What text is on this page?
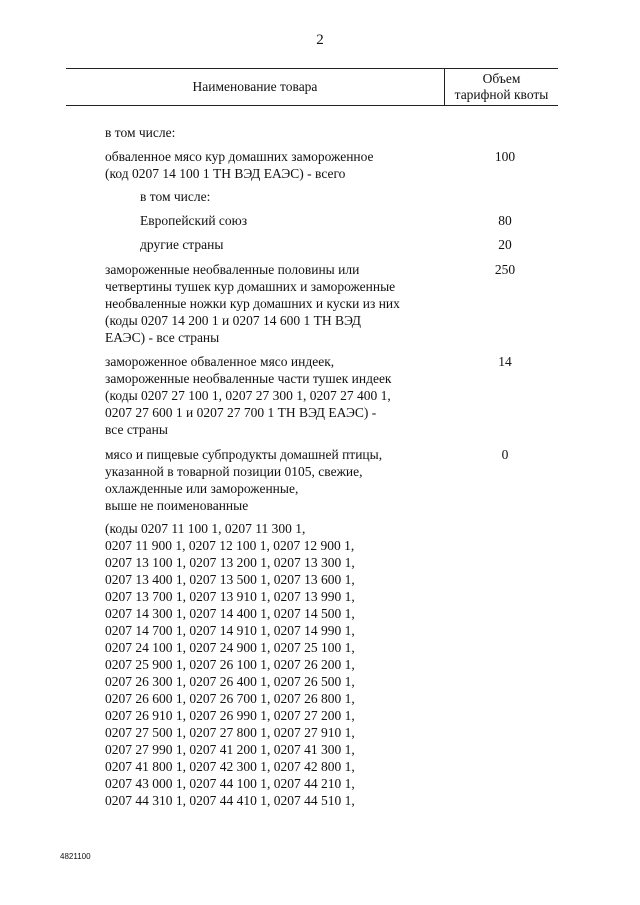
2
Наименование товара
Объем
тарифной квоты
в том числе:
обваленное мясо кур домашних замороженное
(код 0207 14 100 1 ТН ВЭД ЕАЭС) - всего
100
в том числе:
Европейский союз	80
другие страны	20
замороженные необваленные половины или
четвертины тушек кур домашних и замороженные
необваленные ножки кур домашних и куски из них
(коды 0207 14 200 1 и 0207 14 600 1 ТН ВЭД
ЕАЭС) - все страны
250
замороженное обваленное мясо индеек,
замороженные необваленные части тушек индеек
(коды 0207 27 100 1, 0207 27 300 1, 0207 27 400 1,
0207 27 600 1 и 0207 27 700 1 ТН ВЭД ЕАЭС) -
все страны
14
мясо и пищевые субпродукты домашней птицы,
указанной в товарной позиции 0105, свежие,
охлажденные или замороженные,
выше не поименованные
0
(коды 0207 11 100 1, 0207 11 300 1,
0207 11 900 1, 0207 12 100 1, 0207 12 900 1,
0207 13 100 1, 0207 13 200 1, 0207 13 300 1,
0207 13 400 1, 0207 13 500 1, 0207 13 600 1,
0207 13 700 1, 0207 13 910 1, 0207 13 990 1,
0207 14 300 1, 0207 14 400 1, 0207 14 500 1,
0207 14 700 1, 0207 14 910 1, 0207 14 990 1,
0207 24 100 1, 0207 24 900 1, 0207 25 100 1,
0207 25 900 1, 0207 26 100 1, 0207 26 200 1,
0207 26 300 1, 0207 26 400 1, 0207 26 500 1,
0207 26 600 1, 0207 26 700 1, 0207 26 800 1,
0207 26 910 1, 0207 26 990 1, 0207 27 200 1,
0207 27 500 1, 0207 27 800 1, 0207 27 910 1,
0207 27 990 1, 0207 41 200 1, 0207 41 300 1,
0207 41 800 1, 0207 42 300 1, 0207 42 800 1,
0207 43 000 1, 0207 44 100 1, 0207 44 210 1,
0207 44 310 1, 0207 44 410 1, 0207 44 510 1,
4821100
